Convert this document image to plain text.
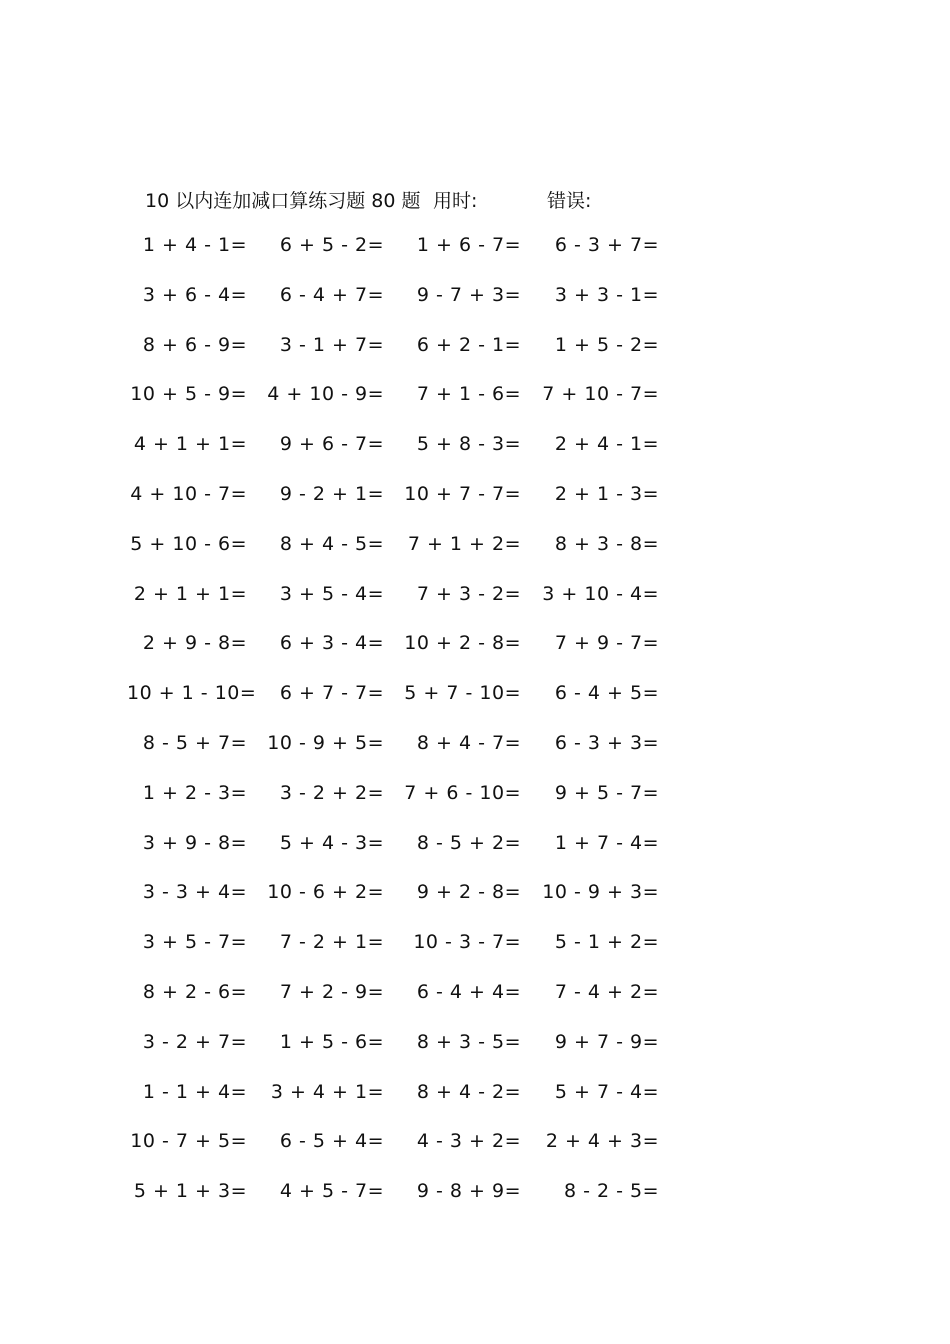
10 以内连加减口算练习题 80 题 用时:	错误:
1 + 4 - 1=	6 + 5 - 2=	1 + 6 - 7=	6 - 3 + 7=
3 + 6 - 4=	6 - 4 + 7=	9 - 7 + 3=	3 + 3 - 1=
8 + 6 - 9=	3 - 1 + 7=	6 + 2 - 1=	1 + 5 - 2=
10 + 5 - 9= 4 + 10 - 9=	7 + 1 - 6= 7 + 10 - 7=
4 + 1 + 1=	9 + 6 - 7=	5 + 8 - 3=	2 + 4 - 1=
4 + 10 - 7=	9 - 2 + 1= 10 + 7 - 7=	2 + 1 - 3=
5 + 10 - 6=	8 + 4 - 5=	7 + 1 + 2=	8 + 3 - 8=
2 + 1 + 1=	3 + 5 - 4=	7 + 3 - 2= 3 + 10 - 4=
2 + 9 - 8=	6 + 3 - 4= 10 + 2 - 8=	7 + 9 - 7=
10 + 1 - 10=	6 + 7 - 7= 5 + 7 - 10=	6 - 4 + 5=
8 - 5 + 7= 10 - 9 + 5=	8 + 4 - 7=	6 - 3 + 3=
1 + 2 - 3=	3 - 2 + 2= 7 + 6 - 10=	9 + 5 - 7=
3 + 9 - 8=	5 + 4 - 3=	8 - 5 + 2=	1 + 7 - 4=
3 - 3 + 4= 10 - 6 + 2=	9 + 2 - 8= 10 - 9 + 3=
3 + 5 - 7=	7 - 2 + 1=	10 - 3 - 7=	5 - 1 + 2=
8 + 2 - 6=	7 + 2 - 9=	6 - 4 + 4=	7 - 4 + 2=
3 - 2 + 7=	1 + 5 - 6=	8 + 3 - 5=	9 + 7 - 9=
1 - 1 + 4=	3 + 4 + 1=	8 + 4 - 2=	5 + 7 - 4=
10 - 7 + 5=	6 - 5 + 4=	4 - 3 + 2=	2 + 4 + 3=
5 + 1 + 3=	4 + 5 - 7=	9 - 8 + 9=	8 - 2 - 5=
